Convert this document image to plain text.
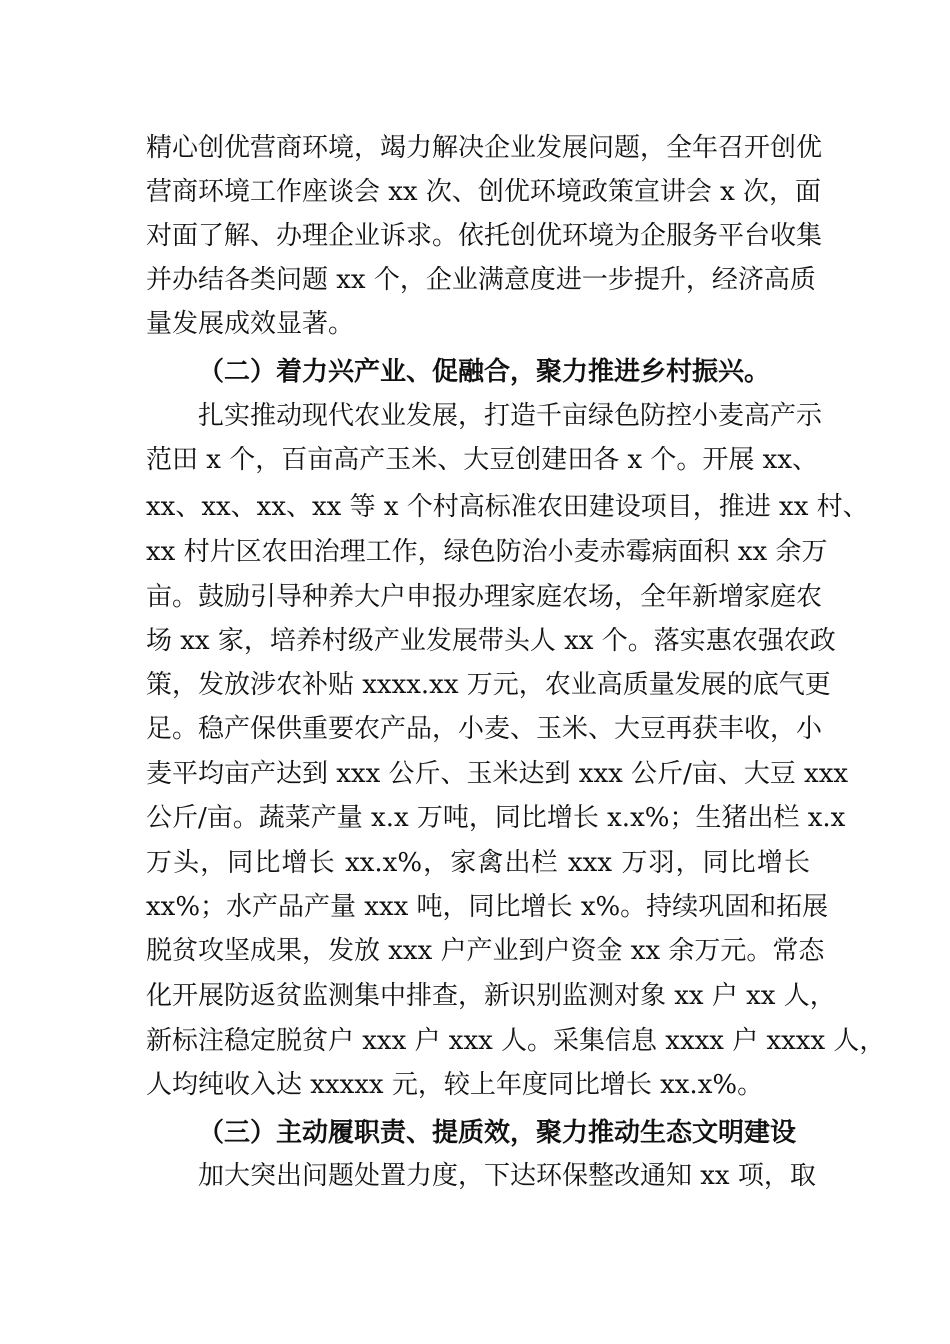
精心创优营商环境，竭力解决企业发展问题，全年召开创优
营商环境工作座谈会 xx 次、创优环境政策宣讲会 x 次，面
对面了解、办理企业诉求。依托创优环境为企服务平台收集
并办结各类问题 xx 个，企业满意度进一步提升，经济高质
量发展成效显著。
（二）着力兴产业、促融合，聚力推进乡村振兴。
扎实推动现代农业发展，打造千亩绿色防控小麦高产示
范田 x 个，百亩高产玉米、大豆创建田各 x 个。开展 xx、
xx、xx、xx、xx 等 x 个村高标准农田建设项目，推进 xx 村、
xx 村片区农田治理工作，绿色防治小麦赤霉病面积 xx 余万
亩。鼓励引导种养大户申报办理家庭农场，全年新增家庭农
场 xx 家，培养村级产业发展带头人 xx 个。落实惠农强农政
策，发放涉农补贴 xxxx.xx 万元，农业高质量发展的底气更
足。稳产保供重要农产品，小麦、玉米、大豆再获丰收，小
麦平均亩产达到 xxx 公斤、玉米达到 xxx 公斤/亩、大豆 xxx
公斤/亩。蔬菜产量 x.x 万吨，同比增长 x.x%；生猪出栏 x.x
万头，同比增长 xx.x%，家禽出栏 xxx 万羽，同比增长
xx%；水产品产量 xxx 吨，同比增长 x%。持续巩固和拓展
脱贫攻坚成果，发放 xxx 户产业到户资金 xx 余万元。常态
化开展防返贫监测集中排查，新识别监测对象 xx 户 xx 人，
新标注稳定脱贫户 xxx 户 xxx 人。采集信息 xxxx 户 xxxx 人，
人均纯收入达 xxxxx 元，较上年度同比增长 xx.x%。
（三）主动履职责、提质效，聚力推动生态文明建设
加大突出问题处置力度，下达环保整改通知 xx 项，取
